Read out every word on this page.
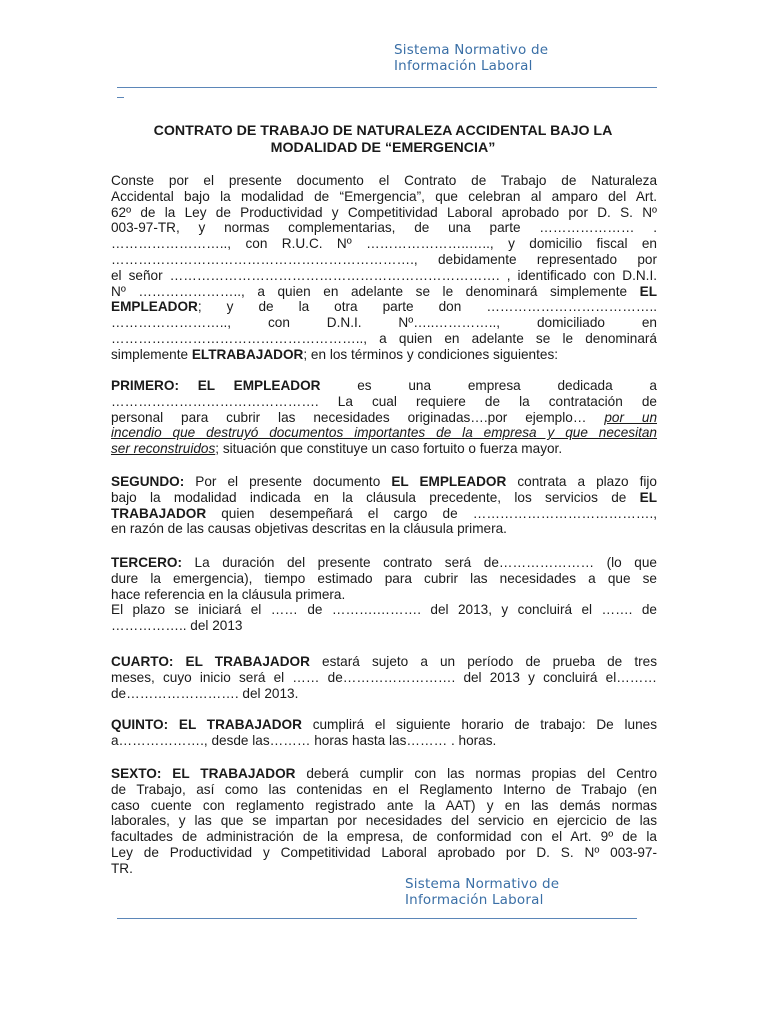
Sistema Normativo de
Información Laboral
CONTRATO DE TRABAJO DE NATURALEZA ACCIDENTAL BAJO LA
MODALIDAD DE “EMERGENCIA”

Conste por el presente documento el Contrato de Trabajo de Naturaleza

Accidental bajo la modalidad de “Emergencia”, que celebran al amparo del Art.

62º de la Ley de Productividad y Competitividad Laboral aprobado por D. S. Nº

003-97-TR, y normas complementarias, de una parte ………………… .

…………………….., con R.U.C. Nº …………………..….., y domicilio fiscal en

…………………………………………………………., debidamente representado por

el señor ………………………………………………………………. , identificado con D.N.I.

Nº ………………….., a quien en adelante se le denominará simplemente EL

EMPLEADOR; y de la otra parte don ………………………………..

…………………….., con D.N.I. Nº…..………….., domiciliado en

……………………………………………….., a quien en adelante se le denominará

simplemente ELTRABAJADOR; en los términos y condiciones siguientes:

PRIMERO: EL EMPLEADOR es una empresa dedicada a

………………………………………. La cual requiere de la contratación de

personal para cubrir las necesidades originadas….por ejemplo… por un

incendio que destruyó documentos importantes de la empresa y que necesitan

ser reconstruidos; situación que constituye un caso fortuito o fuerza mayor.

SEGUNDO: Por el presente documento EL EMPLEADOR contrata a plazo fijo

bajo la modalidad indicada en la cláusula precedente, los servicios de EL

TRABAJADOR quien desempeñará el cargo de ………………………………….,

en razón de las causas objetivas descritas en la cláusula primera.

TERCERO: La duración del presente contrato será de………………… (lo que

dure la emergencia), tiempo estimado para cubrir las necesidades a que se

hace referencia en la cláusula primera.

El plazo se iniciará el …… de ……….………. del 2013, y concluirá el ……. de

…………….. del 2013

CUARTO: EL TRABAJADOR estará sujeto a un período de prueba de tres

meses, cuyo inicio será el …… de……………………. del 2013 y concluirá el………

de……………………. del 2013.

QUINTO: EL TRABAJADOR cumplirá el siguiente horario de trabajo: De lunes

a………………., desde las……… horas hasta las……… . horas.

SEXTO: EL TRABAJADOR deberá cumplir con las normas propias del Centro

de Trabajo, así como las contenidas en el Reglamento Interno de Trabajo (en

caso cuente con reglamento registrado ante la AAT) y en las demás normas

laborales, y las que se impartan por necesidades del servicio en ejercicio de las

facultades de administración de la empresa, de conformidad con el Art. 9º de la

Ley de Productividad y Competitividad Laboral aprobado por D. S. Nº 003-97-

TR.

Sistema Normativo de
Información Laboral
